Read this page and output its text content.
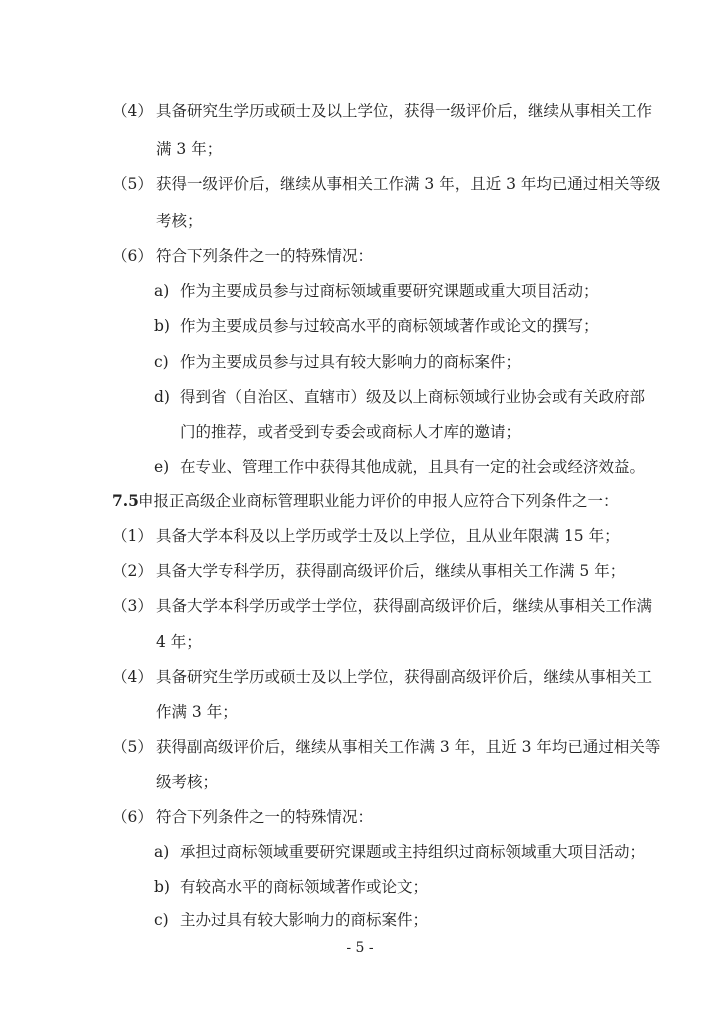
（4） 具备研究生学历或硕士及以上学位，获得一级评价后，继续从事相关工作
满 3 年；
（5） 获得一级评价后，继续从事相关工作满 3 年，且近 3 年均已通过相关等级
考核；
（6） 符合下列条件之一的特殊情况：
a) 作为主要成员参与过商标领域重要研究课题或重大项目活动；
b) 作为主要成员参与过较高水平的商标领域著作或论文的撰写；
c) 作为主要成员参与过具有较大影响力的商标案件；
d) 得到省（自治区、直辖市）级及以上商标领域行业协会或有关政府部
门的推荐，或者受到专委会或商标人才库的邀请；
e) 在专业、管理工作中获得其他成就，且具有一定的社会或经济效益。
7.5 申报正高级企业商标管理职业能力评价的申报人应符合下列条件之一：
（1） 具备大学本科及以上学历或学士及以上学位，且从业年限满 15 年；
（2） 具备大学专科学历，获得副高级评价后，继续从事相关工作满 5 年；
（3） 具备大学本科学历或学士学位，获得副高级评价后，继续从事相关工作满
4 年；
（4） 具备研究生学历或硕士及以上学位，获得副高级评价后，继续从事相关工
作满 3 年；
（5） 获得副高级评价后，继续从事相关工作满 3 年，且近 3 年均已通过相关等
级考核；
（6） 符合下列条件之一的特殊情况：
a) 承担过商标领域重要研究课题或主持组织过商标领域重大项目活动；
b) 有较高水平的商标领域著作或论文；
c) 主办过具有较大影响力的商标案件；
- 5 -
